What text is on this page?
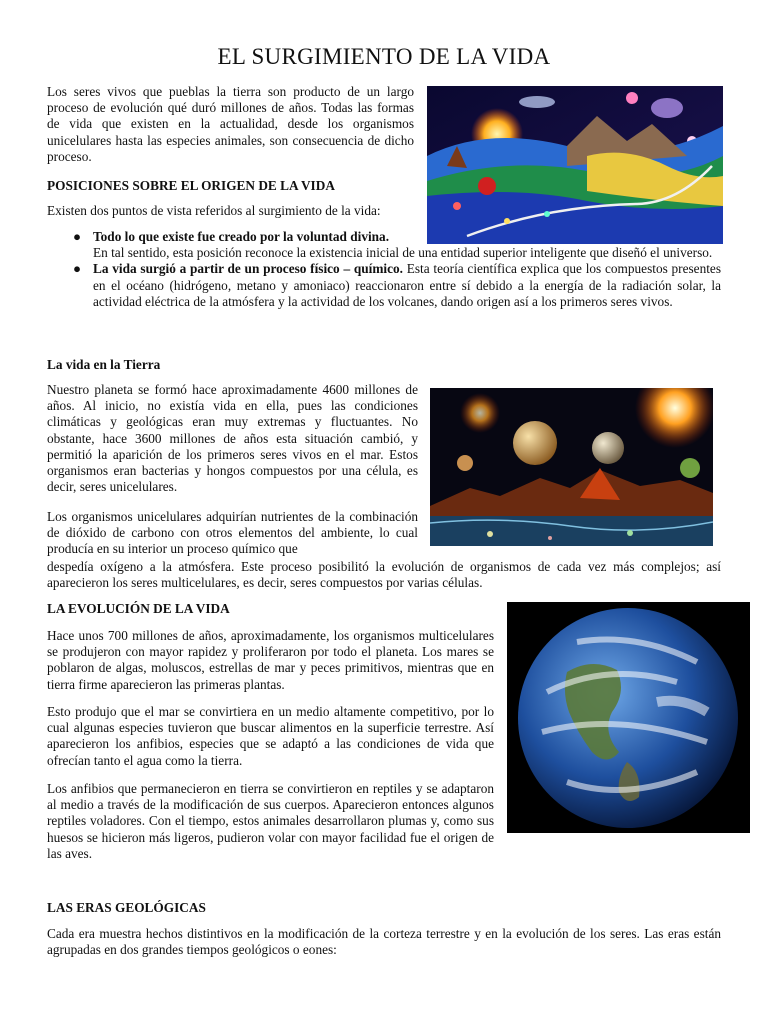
EL SURGIMIENTO DE LA VIDA

Los seres vivos que pueblas la tierra son producto de un largo proceso de evolución qué duró millones de años. Todas las formas de vida que existen en la actualidad, desde los organismos unicelulares hasta las especies animales, son consecuencia de dicho proceso.

POSICIONES SOBRE EL ORIGEN DE LA VIDA

Existen dos puntos de vista referidos al surgimiento de la vida:

● Todo lo que existe fue creado por la voluntad divina.
En tal sentido, esta posición reconoce la existencia inicial de una entidad superior inteligente que diseñó el universo.
● La vida surgió a partir de un proceso físico – químico. Esta teoría científica explica que los compuestos presentes en el océano (hidrógeno, metano y amoniaco) reaccionaron entre sí debido a la energía de la radiación solar, la actividad eléctrica de la atmósfera y la actividad de los volcanes, dando origen así a los primeros seres vivos.
La vida en la Tierra

Nuestro planeta se formó hace aproximadamente 4600 millones de años. Al inicio, no existía vida en ella, pues las condiciones climáticas y geológicas eran muy extremas y fluctuantes. No obstante, hace 3600 millones de años esta situación cambió, y permitió la aparición de los primeros seres vivos en el mar. Estos organismos eran bacterias y hongos compuestos por una célula, es decir, seres unicelulares.

Los organismos unicelulares adquirían nutrientes de la combinación de dióxido de carbono con otros elementos del ambiente, lo cual producía en su interior un proceso químico que

despedía oxígeno a la atmósfera. Este proceso posibilitó la evolución de organismos de cada vez más complejos; así aparecieron los seres multicelulares, es decir, seres compuestos por varias células.

LA EVOLUCIÓN DE LA VIDA

Hace unos 700 millones de años, aproximadamente, los organismos multicelulares se produjeron con mayor rapidez y proliferaron por todo el planeta. Los mares se poblaron de algas, moluscos, estrellas de mar y peces primitivos, mientras que en tierra firme aparecieron las primeras plantas.

Esto produjo que el mar se convirtiera en un medio altamente competitivo, por lo cual algunas especies tuvieron que buscar alimentos en la superficie terrestre. Así aparecieron los anfibios, especies que se adaptó a las condiciones de vida que ofrecían tanto el agua como la tierra.

Los anfibios que permanecieron en tierra se convirtieron en reptiles y se adaptaron al medio a través de la modificación de sus cuerpos. Aparecieron entonces algunos reptiles voladores. Con el tiempo, estos animales desarrollaron plumas y, como sus huesos se hicieron más ligeros, pudieron volar con mayor facilidad fue el origen de las aves.

LAS ERAS GEOLÓGICAS

Cada era muestra hechos distintivos en la modificación de la corteza terrestre y en la evolución de los seres. Las eras están agrupadas en dos grandes tiempos geológicos o eones:
